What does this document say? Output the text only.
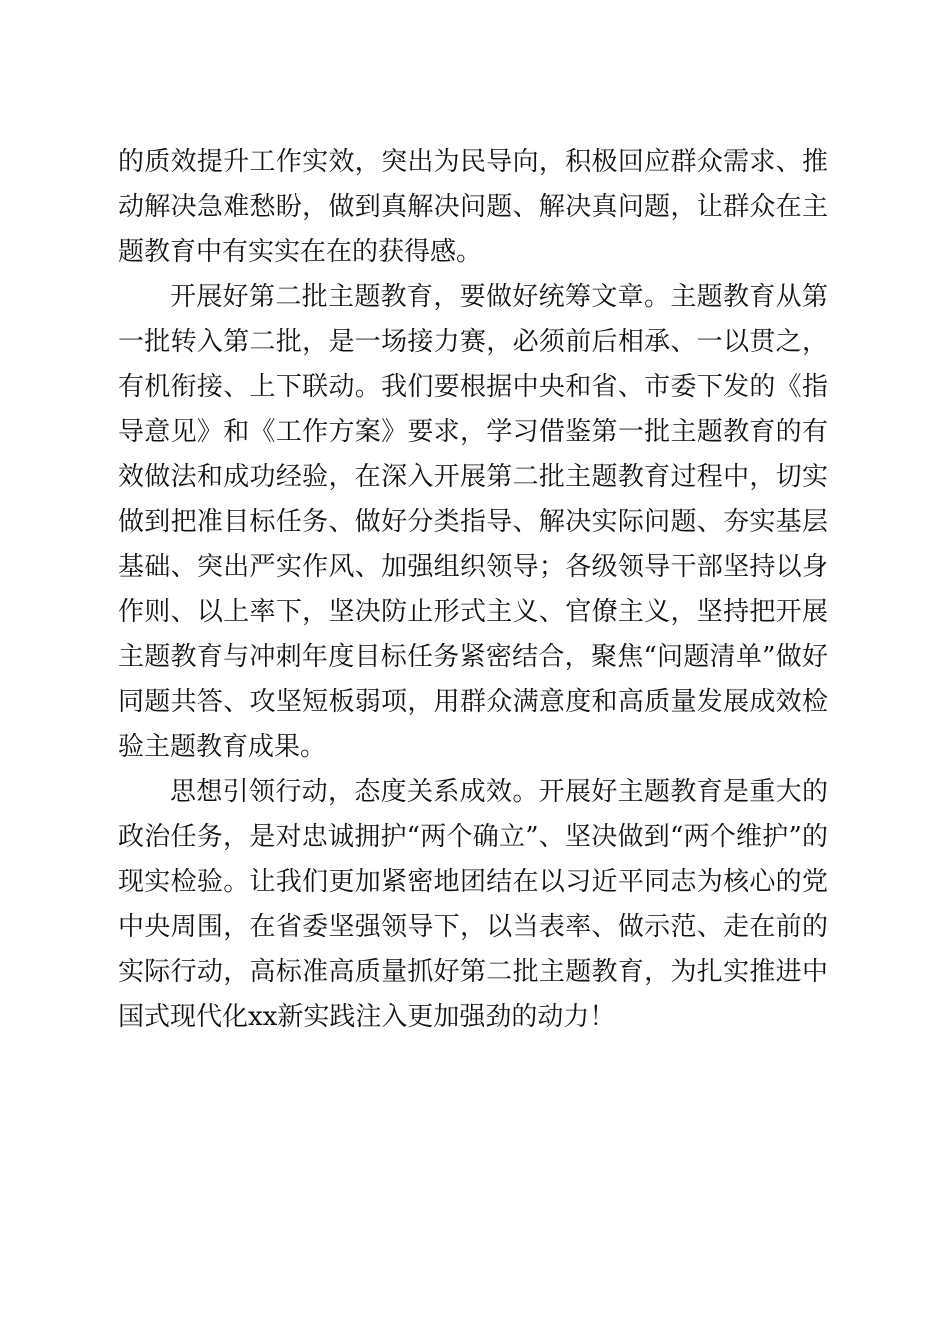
的质效提升工作实效，突出为民导向，积极回应群众需求、推动解决急难愁盼，做到真解决问题、解决真问题，让群众在主题教育中有实实在在的获得感。

开展好第二批主题教育，要做好统筹文章。主题教育从第一批转入第二批，是一场接力赛，必须前后相承、一以贯之，有机衔接、上下联动。我们要根据中央和省、市委下发的《指导意见》和《工作方案》要求，学习借鉴第一批主题教育的有效做法和成功经验，在深入开展第二批主题教育过程中，切实做到把准目标任务、做好分类指导、解决实际问题、夯实基层基础、突出严实作风、加强组织领导；各级领导干部坚持以身作则、以上率下，坚决防止形式主义、官僚主义，坚持把开展主题教育与冲刺年度目标任务紧密结合，聚焦“问题清单”做好同题共答、攻坚短板弱项，用群众满意度和高质量发展成效检验主题教育成果。

思想引领行动，态度关系成效。开展好主题教育是重大的政治任务，是对忠诚拥护“两个确立”、坚决做到“两个维护”的现实检验。让我们更加紧密地团结在以习近平同志为核心的党中央周围，在省委坚强领导下，以当表率、做示范、走在前的实际行动，高标准高质量抓好第二批主题教育，为扎实推进中国式现代化xx新实践注入更加强劲的动力！
